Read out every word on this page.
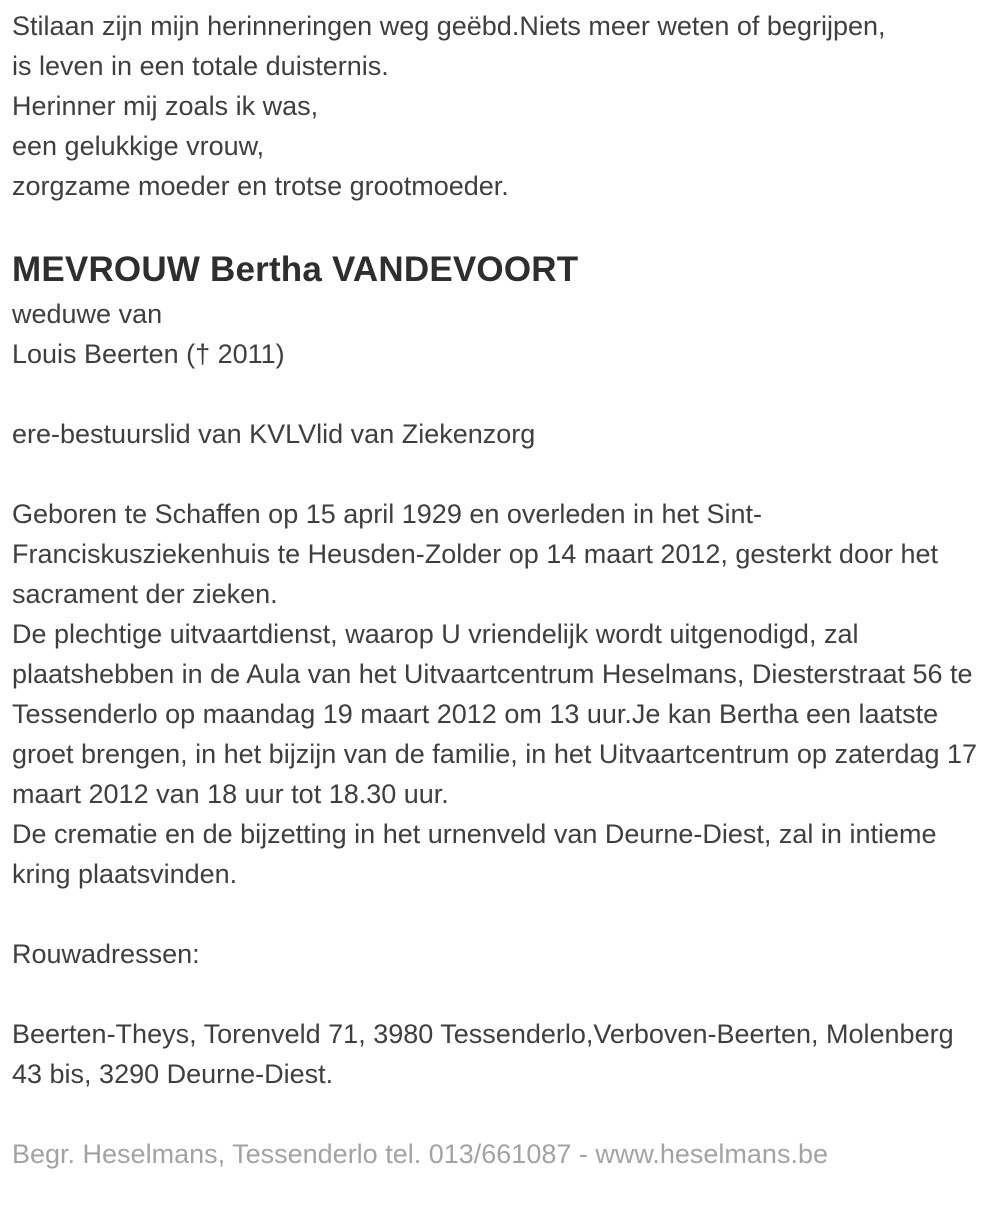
Stilaan zijn mijn herinneringen weg geëbd.Niets meer weten of begrijpen,

is leven in een totale duisternis.

Herinner mij zoals ik was,

een gelukkige vrouw,

zorgzame moeder en trotse grootmoeder.

MEVROUW Bertha VANDEVOORT

weduwe van

Louis Beerten († 2011)

ere-bestuurslid van KVLVlid van Ziekenzorg

Geboren te Schaffen op 15 april 1929 en overleden in het Sint-Franciskusziekenhuis te Heusden-Zolder op 14 maart 2012, gesterkt door het sacrament der zieken.

De plechtige uitvaartdienst, waarop U vriendelijk wordt uitgenodigd, zal plaatshebben in de Aula van het Uitvaartcentrum Heselmans, Diesterstraat 56 te Tessenderlo op maandag 19 maart 2012 om 13 uur.Je kan Bertha een laatste groet brengen, in het bijzijn van de familie, in het Uitvaartcentrum op zaterdag 17 maart 2012 van 18 uur tot 18.30 uur.

De crematie en de bijzetting in het urnenveld van Deurne-Diest, zal in intieme kring plaatsvinden.

Rouwadressen:

Beerten-Theys, Torenveld 71, 3980 Tessenderlo,Verboven-Beerten, Molenberg 43 bis, 3290 Deurne-Diest.

Begr. Heselmans, Tessenderlo tel. 013/661087 - www.heselmans.be
